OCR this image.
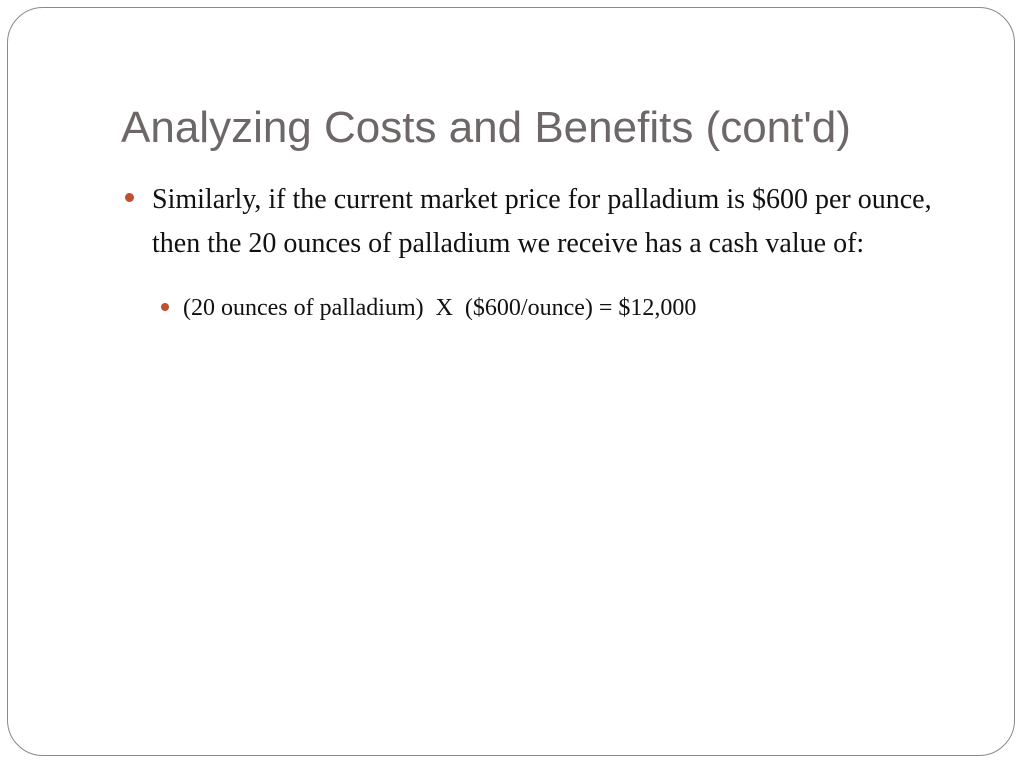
Analyzing Costs and Benefits (cont'd)
Similarly, if the current market price for palladium is $600 per ounce, then the 20 ounces of palladium we receive has a cash value of:
(20 ounces of palladium)  X  ($600/ounce) = $12,000
